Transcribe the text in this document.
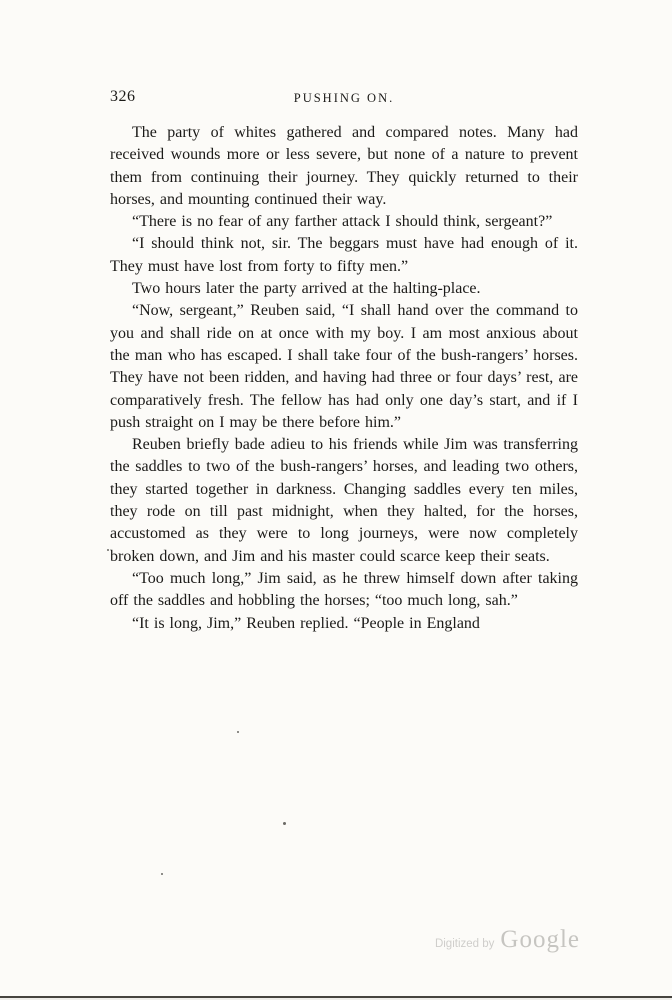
326	PUSHING ON.

The party of whites gathered and compared notes. Many had received wounds more or less severe, but none of a nature to prevent them from continuing their journey. They quickly returned to their horses, and mounting continued their way.

“There is no fear of any farther attack I should think, sergeant?”

“I should think not, sir. The beggars must have had enough of it. They must have lost from forty to fifty men.”

Two hours later the party arrived at the halting-place.

“Now, sergeant,” Reuben said, “I shall hand over the command to you and shall ride on at once with my boy. I am most anxious about the man who has escaped. I shall take four of the bush-rangers’ horses. They have not been ridden, and having had three or four days’ rest, are comparatively fresh. The fellow has had only one day’s start, and if I push straight on I may be there before him.”

Reuben briefly bade adieu to his friends while Jim was transferring the saddles to two of the bush-rangers’ horses, and leading two others, they started together in darkness. Changing saddles every ten miles, they rode on till past midnight, when they halted, for the horses, accustomed as they were to long journeys, were now completely broken down, and Jim and his master could scarce keep their seats.

“Too much long,” Jim said, as he threw himself down after taking off the saddles and hobbling the horses; “too much long, sah.”

“It is long, Jim,” Reuben replied. “People in England

Digitized by Google
